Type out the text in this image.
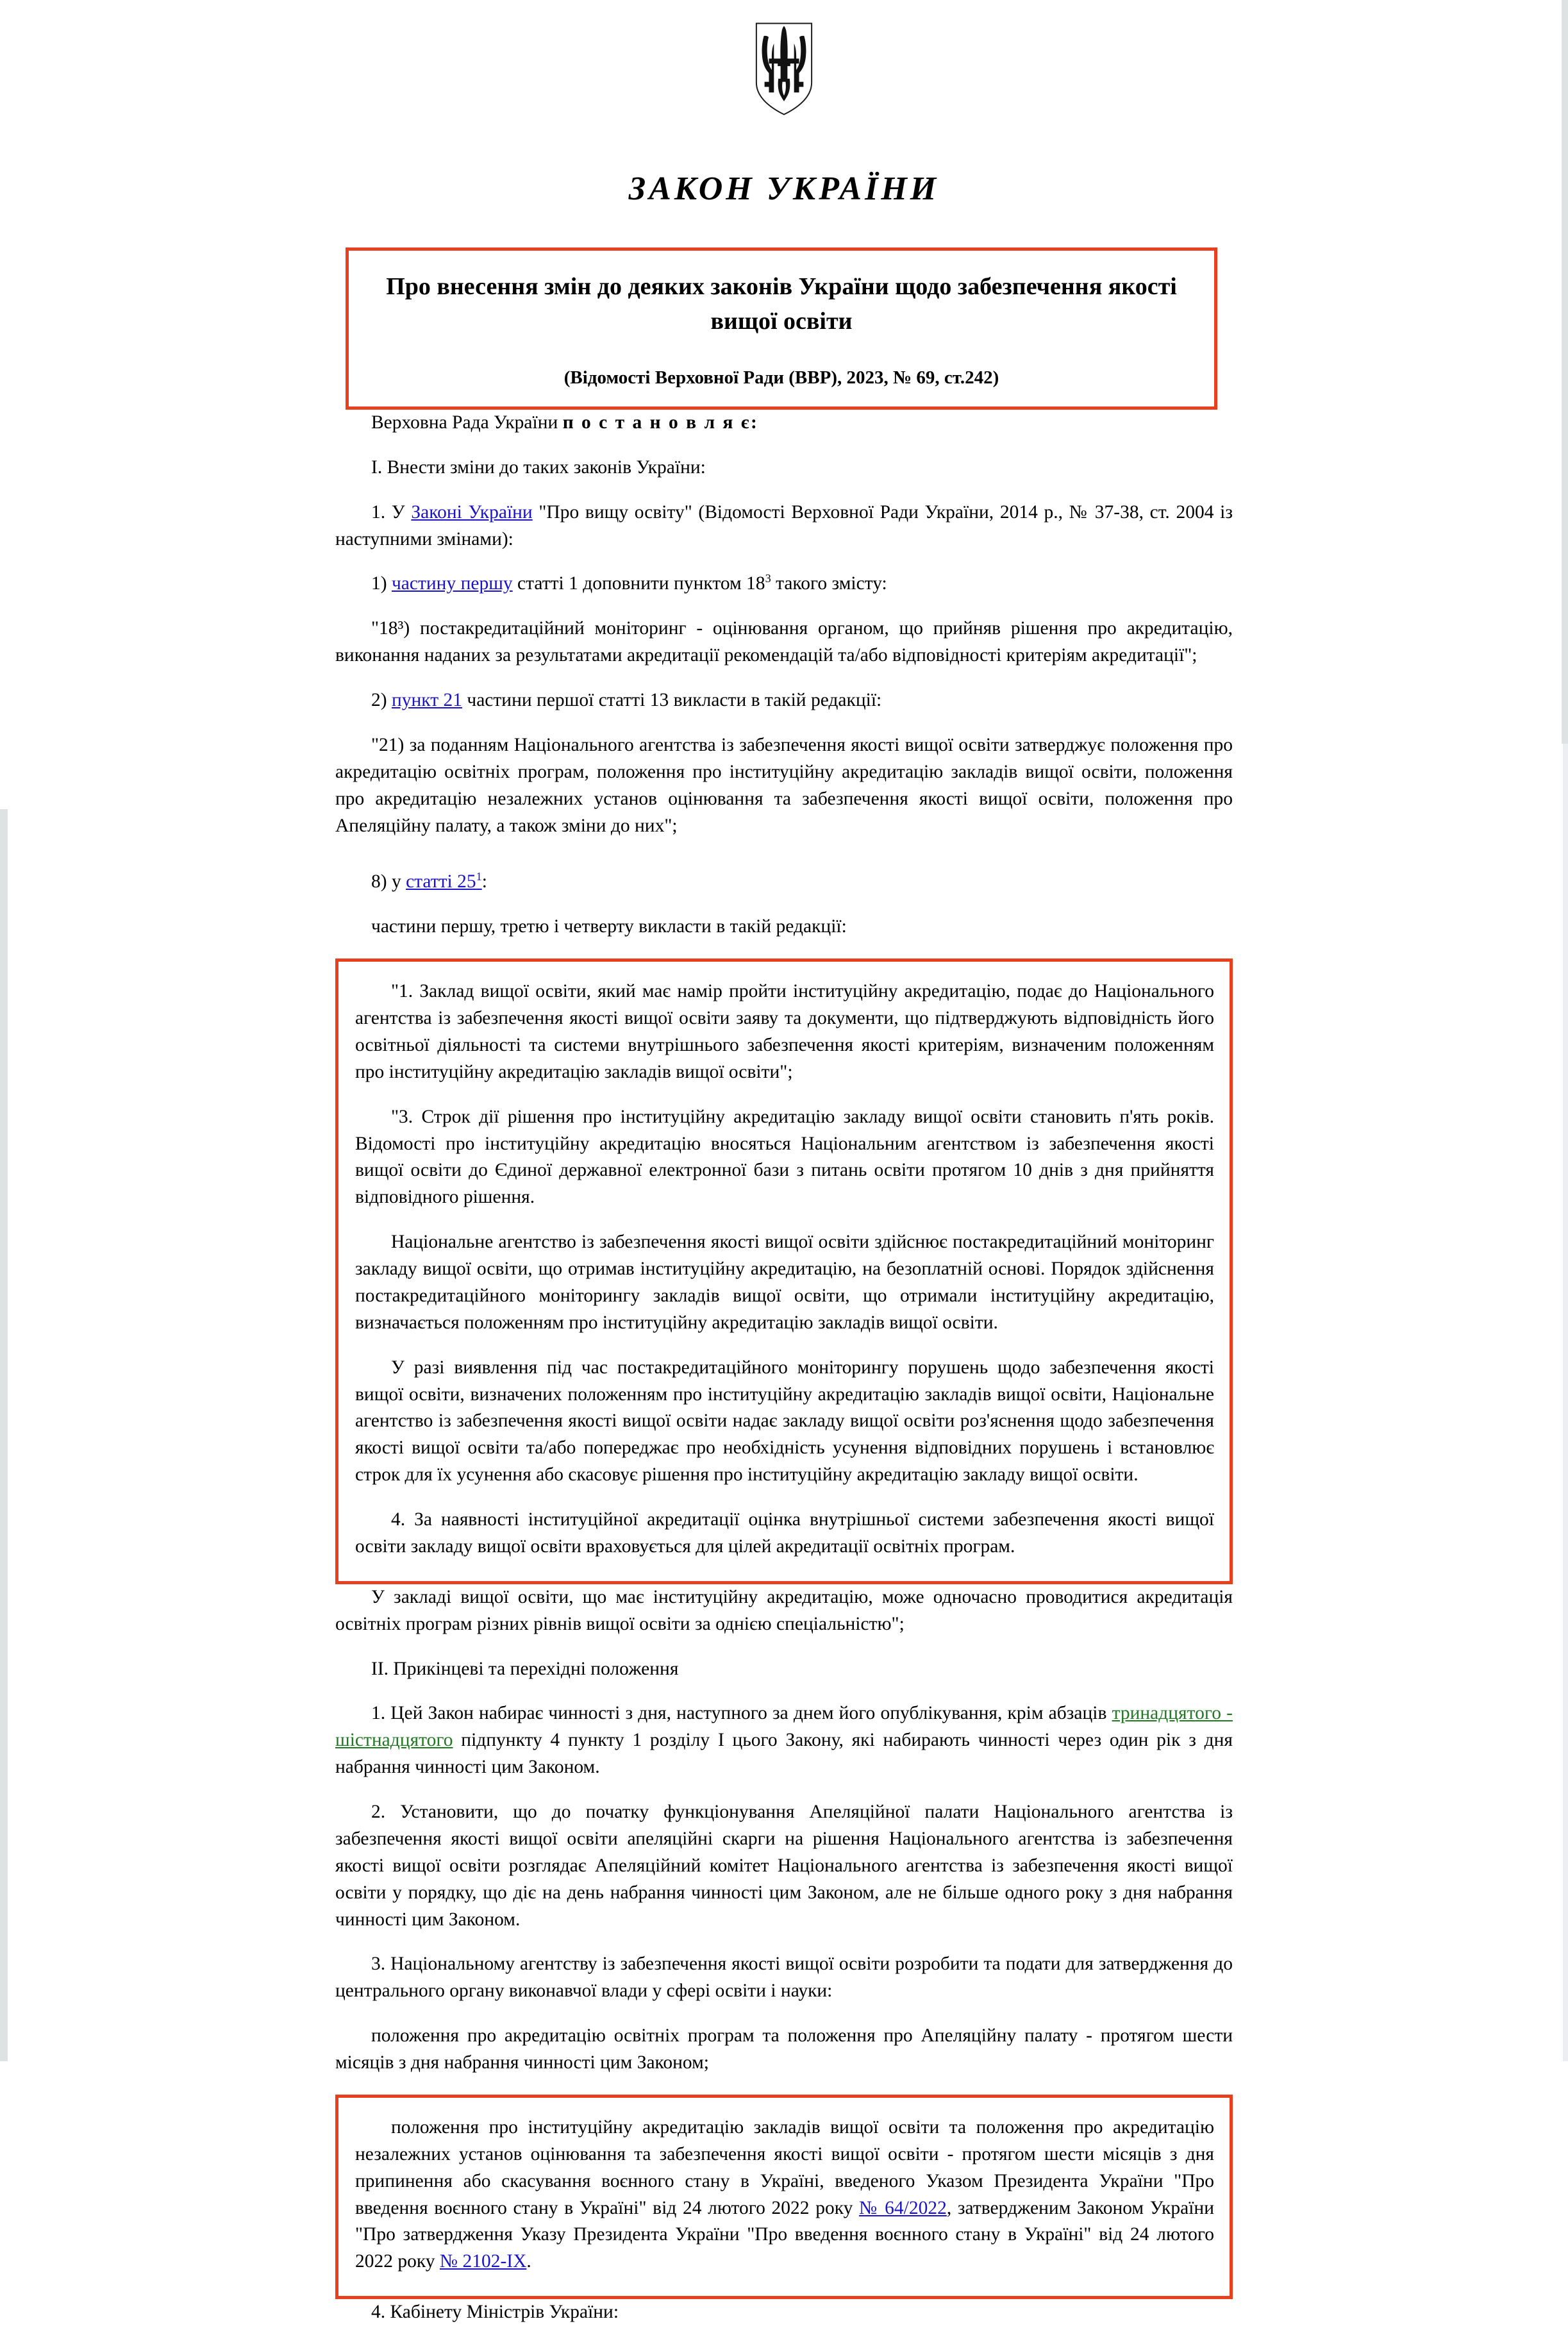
ЗАКОН УКРАЇНИ
Про внесення змін до деяких законів України щодо забезпечення якості вищої освіти
(Відомості Верховної Ради (ВВР), 2023, № 69, ст.242)

Верховна Рада України п о с т а н о в л я є:

I. Внести зміни до таких законів України:

1. У Законі України "Про вищу освіту" (Відомості Верховної Ради України, 2014 р., № 37-38, ст. 2004 із наступними змінами):

1) частину першу статті 1 доповнити пунктом $18^3$ такого змісту:

"18³) постакредитаційний моніторинг - оцінювання органом, що прийняв рішення про акредитацію, виконання наданих за результатами акредитації рекомендацій та/або відповідності критеріям акредитації";

2) пункт 21 частини першої статті 13 викласти в такій редакції:

"21) за поданням Національного агентства із забезпечення якості вищої освіти затверджує положення про акредитацію освітніх програм, положення про інституційну акредитацію закладів вищої освіти, положення про акредитацію незалежних установ оцінювання та забезпечення якості вищої освіти, положення про Апеляційну палату, а також зміни до них";

8) у статті 25$^1$:

частини першу, третю і четверту викласти в такій редакції:

"1. Заклад вищої освіти, який має намір пройти інституційну акредитацію, подає до Національного агентства із забезпечення якості вищої освіти заяву та документи, що підтверджують відповідність його освітньої діяльності та системи внутрішнього забезпечення якості критеріям, визначеним положенням про інституційну акредитацію закладів вищої освіти";

"3. Строк дії рішення про інституційну акредитацію закладу вищої освіти становить п'ять років. Відомості про інституційну акредитацію вносяться Національним агентством із забезпечення якості вищої освіти до Єдиної державної електронної бази з питань освіти протягом 10 днів з дня прийняття відповідного рішення.

Національне агентство із забезпечення якості вищої освіти здійснює постакредитаційний моніторинг закладу вищої освіти, що отримав інституційну акредитацію, на безоплатній основі. Порядок здійснення постакредитаційного моніторингу закладів вищої освіти, що отримали інституційну акредитацію, визначається положенням про інституційну акредитацію закладів вищої освіти.

У разі виявлення під час постакредитаційного моніторингу порушень щодо забезпечення якості вищої освіти, визначених положенням про інституційну акредитацію закладів вищої освіти, Національне агентство із забезпечення якості вищої освіти надає закладу вищої освіти роз'яснення щодо забезпечення якості вищої освіти та/або попереджає про необхідність усунення відповідних порушень і встановлює строк для їх усунення або скасовує рішення про інституційну акредитацію закладу вищої освіти.

4. За наявності інституційної акредитації оцінка внутрішньої системи забезпечення якості вищої освіти закладу вищої освіти враховується для цілей акредитації освітніх програм.

У закладі вищої освіти, що має інституційну акредитацію, може одночасно проводитися акредитація освітніх програм різних рівнів вищої освіти за однією спеціальністю";

II. Прикінцеві та перехідні положення

1. Цей Закон набирає чинності з дня, наступного за днем його опублікування, крім абзаців тринадцятого - шістнадцятого підпункту 4 пункту 1 розділу I цього Закону, які набирають чинності через один рік з дня набрання чинності цим Законом.

2. Установити, що до початку функціонування Апеляційної палати Національного агентства із забезпечення якості вищої освіти апеляційні скарги на рішення Національного агентства із забезпечення якості вищої освіти розглядає Апеляційний комітет Національного агентства із забезпечення якості вищої освіти у порядку, що діє на день набрання чинності цим Законом, але не більше одного року з дня набрання чинності цим Законом.

3. Національному агентству із забезпечення якості вищої освіти розробити та подати для затвердження до центрального органу виконавчої влади у сфері освіти і науки:

положення про акредитацію освітніх програм та положення про Апеляційну палату - протягом шести місяців з дня набрання чинності цим Законом;

положення про інституційну акредитацію закладів вищої освіти та положення про акредитацію незалежних установ оцінювання та забезпечення якості вищої освіти - протягом шести місяців з дня припинення або скасування воєнного стану в Україні, введеного Указом Президента України "Про введення воєнного стану в Україні" від 24 лютого 2022 року № 64/2022, затвердженим Законом України "Про затвердження Указу Президента України "Про введення воєнного стану в Україні" від 24 лютого 2022 року № 2102-IX.

4. Кабінету Міністрів України:
